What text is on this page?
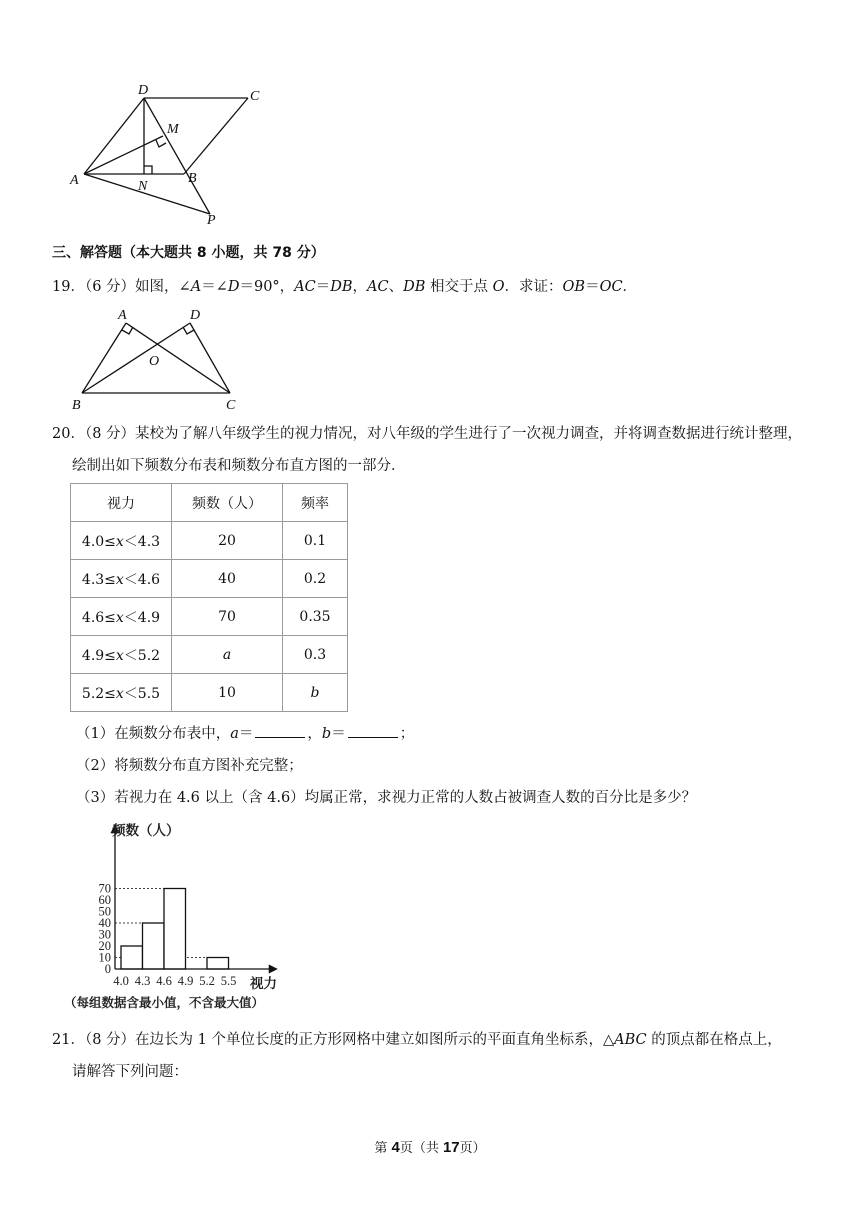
D	C
M
A	N
B
P
三、解答题（本大题共 8 小题，共 78 分）
19．（6 分）如图，∠A＝∠D＝90°，AC＝DB，AC、DB 相交于点 O．求证：OB＝OC．
A	D
O
B	C
20．（8 分）某校为了解八年级学生的视力情况，对八年级的学生进行了一次视力调查，并将调查数据进行统计整理，
绘制出如下频数分布表和频数分布直方图的一部分．
视力	频数（人）	频率
4.0≤x＜4.3	20	0.1
4.3≤x＜4.6	40	0.2
4.6≤x＜4.9	70	0.35
4.9≤x＜5.2	a	0.3
5.2≤x＜5.5	10	b
（1）在频数分布表中，a＝	，b＝	；
（2）将频数分布直方图补充完整；
（3）若视力在 4.6 以上（含 4.6）均属正常，求视力正常的人数占被调查人数的百分比是多少？
0
10
20
30
40
50
60
70
4.0 4.3 4.6 4.9 5.2 5.5
频数（人）
视力
（每组数据含最小值，不含最大值）
21．（8 分）在边长为 1 个单位长度的正方形网格中建立如图所示的平面直角坐标系，△ABC 的顶点都在格点上，
请解答下列问题：
第 4页（共 17页）
